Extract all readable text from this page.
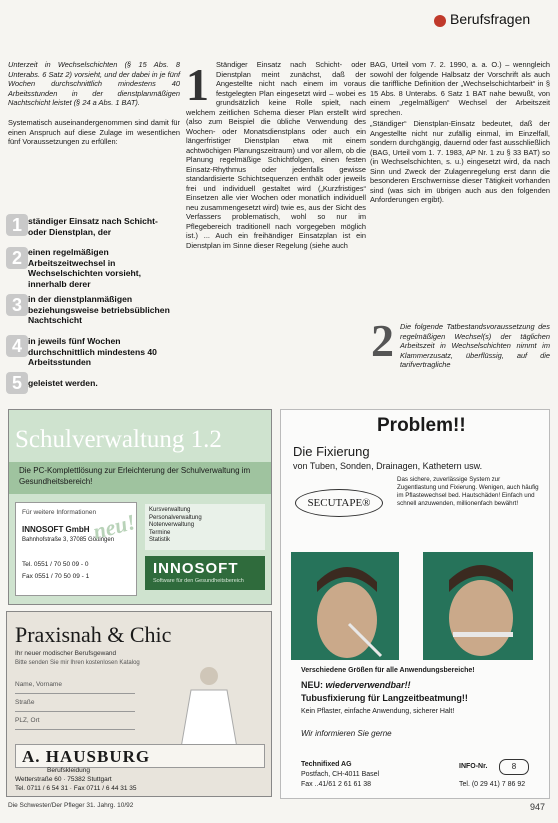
Berufsfragen

Unterzeit in Wechselschichten (§ 15 Abs. 8 Unterabs. 6 Satz 2) vorsieht, und der dabei in je fünf Wochen durchschnittlich mindestens 40 Arbeitsstunden in der dienstplanmäßigen Nachtschicht leistet (§ 24 a Abs. 1 BAT).

Systematisch auseinandergenommen sind damit für einen Anspruch auf diese Zulage im wesentlichen fünf Voraussetzungen zu erfüllen:

1 ständiger Einsatz nach Schicht- oder Dienstplan, der
2 einen regelmäßigen Arbeitszeitwechsel in Wechselschichten vorsieht, innerhalb derer
3 in der dienstplanmäßigen beziehungsweise betriebsüblichen Nachtschicht
4 in jeweils fünf Wochen durchschnittlich mindestens 40 Arbeitsstunden
5 geleistet werden.
1 Ständiger Einsatz nach Schicht- oder Dienstplan meint zunächst, daß der Angestellte nicht nach einem im voraus festgelegten Plan eingesetzt wird – wobei es grundsätzlich keine Rolle spielt, nach welchem zeitlichen Schema dieser Plan erstellt wird (also zum Beispiel die übliche Verwendung des Wochen- oder Monatsdienstplans oder auch ein längerfristiger Dienstplan etwa mit einem achtwöchigen Planungszeitraum) und vor allem, ob die Planung regelmäßige Schichtfolgen, einen festen Einsatz-Rhythmus oder jedenfalls gewisse standardisierte Schichtsequenzen enthält oder jeweils frei und individuell gestaltet wird („Kurzfristiges“ Einsetzen alle vier Wochen oder monatlich individuell neu zusammengesetzt wird) twie es, aus der Sicht des Verfassers problematisch, wohl so nur im Pflegebereich traditionell nach vorgegeben möglich ist.) ... Auch ein freihändiger Einsatzplan ist ein Dienstplan im Sinne dieser Regelung (siehe auch

BAG, Urteil vom 7. 2. 1990, a. a. O.) – wenngleich sowohl der folgende Halbsatz der Vorschrift als auch die tariffliche Definition der „Wechselschichtarbeit“ in § 15 Abs. 8 Unterabs. 6 Satz 1 BAT nahe bewußt, von einem „regelmäßigen“ Wechsel der Arbeitszeit sprechen.

„Ständiger“ Dienstplan-Einsatz bedeutet, daß der Angestellte nicht nur zufällig einmal, im Einzelfall, sondern durchgängig, dauernd oder fast ausschließlich (BAG, Urteil vom 1. 7. 1983, AP Nr. 1 zu § 33 BAT) so (in Wechselschichten, s. u.) eingesetzt wird, da nach Sinn und Zweck der Zulagenregelung erst dann die besonderen Erschwernisse dieser Tätigkeit vorhanden sind (was sich im übrigen auch aus den folgenden Anforderungen ergibt).

2 Die folgende Tatbestandsvoraussetzung des regelmäßigen Wechsel(s) der täglichen Arbeitszeit in Wechselschichten nimmt im Klammerzusatz, überflüssig, auf die tarifvertragliche
Schulverwaltung 1.2
Die PC-Komplettlösung zur Erleichterung der Schulverwaltung im Gesundheitsbereich!
Für weitere Informationen
INNOSOFT GmbH
Bahnhofstraße 3, 37085 Göttingen
Tel. 0551 / 70 50 09 - 0
Fax 0551 / 70 50 09 - 1
neu! Kursverwaltung
Personalverwaltung
Notenverwaltung
Termine
Statistik
INNOSOFT
Software für den Gesundheitsbereich
Praxisnah & Chic
Ihr neuer modischer Berufsgewand
Bitte senden Sie mir Ihren kostenlosen Katalog
Name, Vorname
Straße
PLZ, Ort
A. HAUSBURG
Berufskleidung
Wetterstraße 60 · 75382 Stuttgart
Tel. 0711 / 6 54 31 · Fax 0711 / 6 44 31 35
Problem!!
Die Fixierung
von Tuben, Sonden, Drainagen, Kathetern usw.
SECUTAPE®
Das sichere, zuverlässige System zur Zugentlastung und Fixierung. Wenigen, auch häufig im Pflastewechsel bed. Hautschäden! Einfach und schnell anzuwenden, millionenfach bewährt!
Verschiedene Größen für alle Anwendungsbereiche!
NEU: wiederverwendbar!!
Tubusfixierung für Langzeitbeatmung!!
Kein Pflaster, einfache Anwendung, sicherer Halt!
Wir informieren Sie gerne
Technifixed AG
Postfach, CH-4011 Basel
Fax ..41/61 2 61 61 38
INFO-Nr.	8
Tel. (0 29 41) 7 86 92
Die Schwester/Der Pfleger 31. Jahrg. 10/92	947
